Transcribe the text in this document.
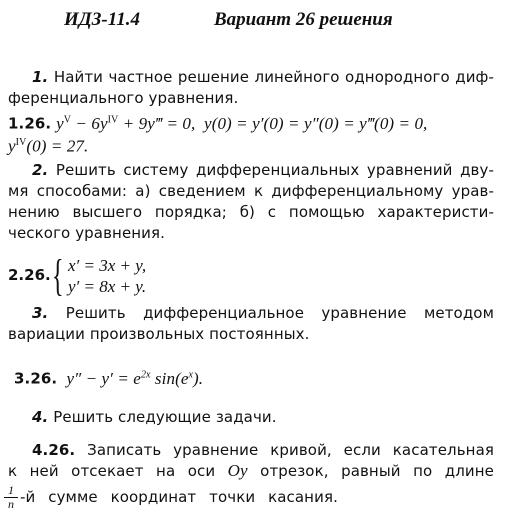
ИДЗ-11.4	Вариант 26 решения
1. Найти частное решение линейного однородного диф-
ференциального уравнения.
1.26. $y^V - 6y^{IV}$ + 9y‴ = 0,  y(0) = y′(0) = y″(0) = y‴(0) = 0,
$y^{IV}(0) = 27$.
2. Решить систему дифференциальных уравнений дву-
мя способами: а) сведением к дифференциальному урав-
нению высшего порядка; б) с помощью характеристи-
ческого уравнения.
2.26. { x′ = 3x + y,
y′ = 8x + y.
3. Решить дифференциальное уравнение методом
вариации произвольных постоянных.
3.26.  $y'' - y' = e^{2x}$ $\sin(e^x)$.
4. Решить следующие задачи.
4.26. Записать уравнение кривой, если касательная
к ней отсекает на оси Oy отрезок, равный по длине
$\frac{1}{n} -й$ сумме координат точки касания.
